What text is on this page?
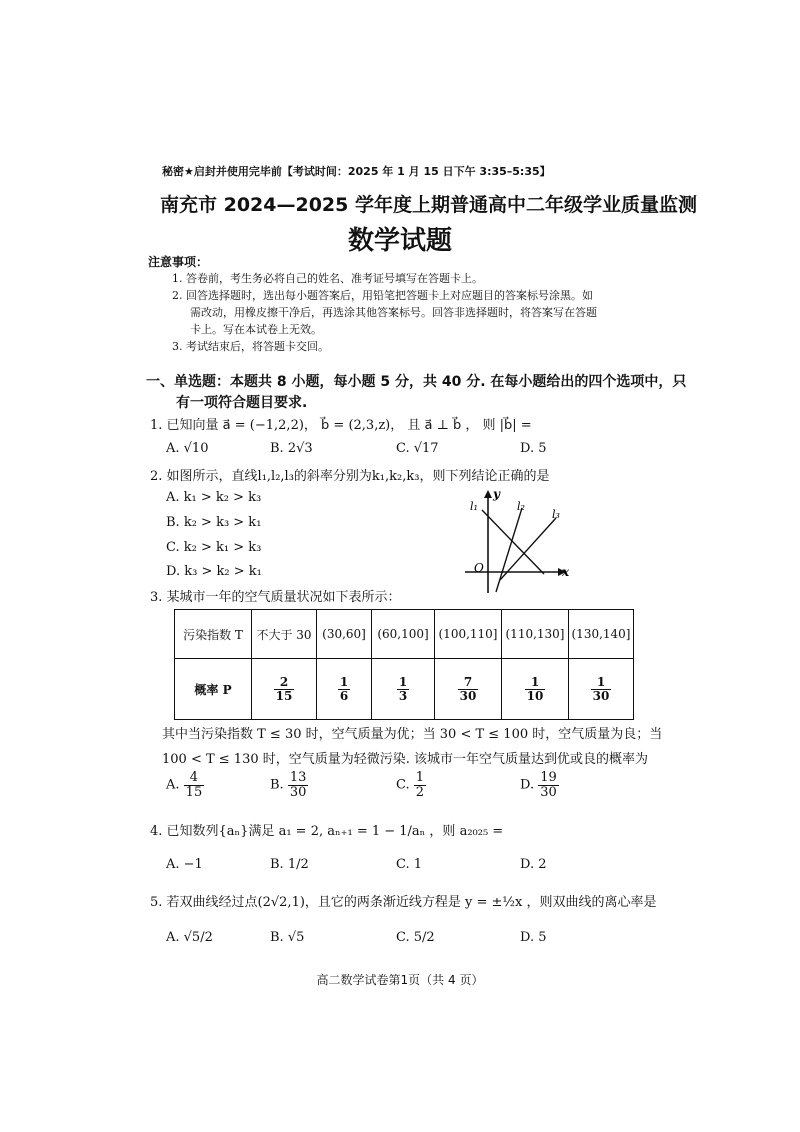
秘密★启封并使用完毕前【考试时间：2025 年 1 月 15 日下午 3:35–5:35】
南充市 2024—2025 学年度上期普通高中二年级学业质量监测
数学试题
注意事项：
1. 答卷前，考生务必将自己的姓名、准考证号填写在答题卡上。
2. 回答选择题时，选出每小题答案后，用铅笔把答题卡上对应题目的答案标号涂黑。如
需改动，用橡皮擦干净后，再选涂其他答案标号。回答非选择题时，将答案写在答题
卡上。写在本试卷上无效。
3. 考试结束后，将答题卡交回。
一、单选题：本题共 8 小题，每小题 5 分，共 40 分. 在每小题给出的四个选项中，只
有一项符合题目要求.
1. 已知向量 a⃗ = (−1,2,2)， b⃗ = (2,3,z)， 且 a⃗ ⊥ b⃗ ， 则 |b⃗| =
A. √10	B. 2√3	C. √17	D. 5
2. 如图所示，直线l₁,l₂,l₃的斜率分别为k₁,k₂,k₃，则下列结论正确的是
A. k₁ > k₂ > k₃
B. k₂ > k₃ > k₁
C. k₂ > k₁ > k₃
D. k₃ > k₂ > k₁
l₁	l₂
l₃
y
x
O
3. 某城市一年的空气质量状况如下表所示：
污染指数 T	不大于 30	(30,60]	(60,100]	(100,110]	(110,130]	(130,140]
概率 P	$\frac{2}{15}$	$\frac{1}{6}$	$\frac{1}{3}$	$\frac{7}{30}$	$\frac{1}{10}$	$\frac{1}{30}$
其中当污染指数 T ≤ 30 时，空气质量为优；当 30 < T ≤ 100 时，空气质量为良；当
100 < T ≤ 130 时，空气质量为轻微污染. 该城市一年空气质量达到优或良的概率为
A. $\frac{4}{15}$	B. $\frac{13}{30}$	C. $\frac{1}{2}$	D. $\frac{19}{30}$
4. 已知数列{aₙ}满足 a₁ = 2, aₙ₊₁ = 1 − 1/aₙ ，则 a₂₀₂₅ =
A. −1	B. 1/2	C. 1	D. 2
5. 若双曲线经过点(2√2,1)，且它的两条渐近线方程是 y = ±½x ，则双曲线的离心率是
A. √5/2	B. √5	C. 5/2	D. 5
高二数学试卷第1页（共 4 页）
